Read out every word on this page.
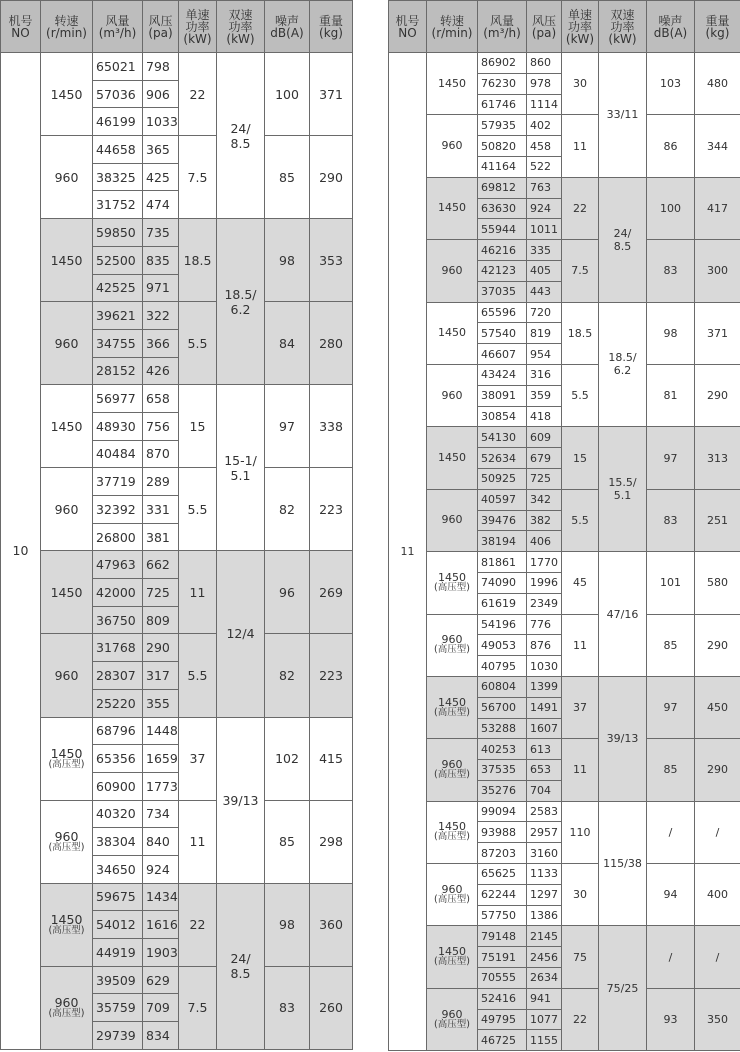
机号
NO	转速
(r/min)	风量
(m³/h)	风压
(pa)	单速
功率
(kW)	双速
功率
(kW)	噪声
dB(A)	重量
(kg)
10	1450	65021	798	22	24/
8.5	100	371
		57036	906				
		46199	1033				
	960	44658	365	7.5		85	290
		38325	425				
		31752	474				
	1450	59850	735	18.5	18.5/
6.2	98	353
		52500	835				
		42525	971				
	960	39621	322	5.5		84	280
		34755	366				
		28152	426				
	1450	56977	658	15	15-1/
5.1	97	338
		48930	756				
		40484	870				
	960	37719	289	5.5		82	223
		32392	331				
		26800	381				
	1450	47963	662	11	12/4	96	269
		42000	725				
		36750	809				
	960	31768	290	5.5		82	223
		28307	317				
		25220	355				
	1450
(高压型)	68796	1448	37	39/13	102	415
		65356	1659				
		60900	1773				
	960
(高压型)	40320	734	11		85	298
		38304	840				
		34650	924				
	1450
(高压型)	59675	1434	22	24/
8.5	98	360
		54012	1616				
		44919	1903				
	960
(高压型)	39509	629	7.5		83	260
		35759	709				
		29739	834				
机号
NO	转速
(r/min)	风量
(m³/h)	风压
(pa)	单速
功率
(kW)	双速
功率
(kW)	噪声
dB(A)	重量
(kg)
11	1450	86902	860	30	33/11	103	480
		76230	978				
		61746	1114				
	960	57935	402	11		86	344
		50820	458				
		41164	522				
	1450	69812	763	22	24/
8.5	100	417
		63630	924				
		55944	1011				
	960	46216	335	7.5		83	300
		42123	405				
		37035	443				
	1450	65596	720	18.5	18.5/
6.2	98	371
		57540	819				
		46607	954				
	960	43424	316	5.5		81	290
		38091	359				
		30854	418				
	1450	54130	609	15	15.5/
5.1	97	313
		52634	679				
		50925	725				
	960	40597	342	5.5		83	251
		39476	382				
		38194	406				
	1450
(高压型)	81861	1770	45	47/16	101	580
		74090	1996				
		61619	2349				
	960
(高压型)	54196	776	11		85	290
		49053	876				
		40795	1030				
	1450
(高压型)	60804	1399	37	39/13	97	450
		56700	1491				
		53288	1607				
	960
(高压型)	40253	613	11		85	290
		37535	653				
		35276	704				
	1450
(高压型)	99094	2583	110	115/38	/	/
		93988	2957				
		87203	3160				
	960
(高压型)	65625	1133	30		94	400
		62244	1297				
		57750	1386				
	1450
(高压型)	79148	2145	75	75/25	/	/
		75191	2456				
		70555	2634				
	960
(高压型)	52416	941	22		93	350
		49795	1077				
		46725	1155				
